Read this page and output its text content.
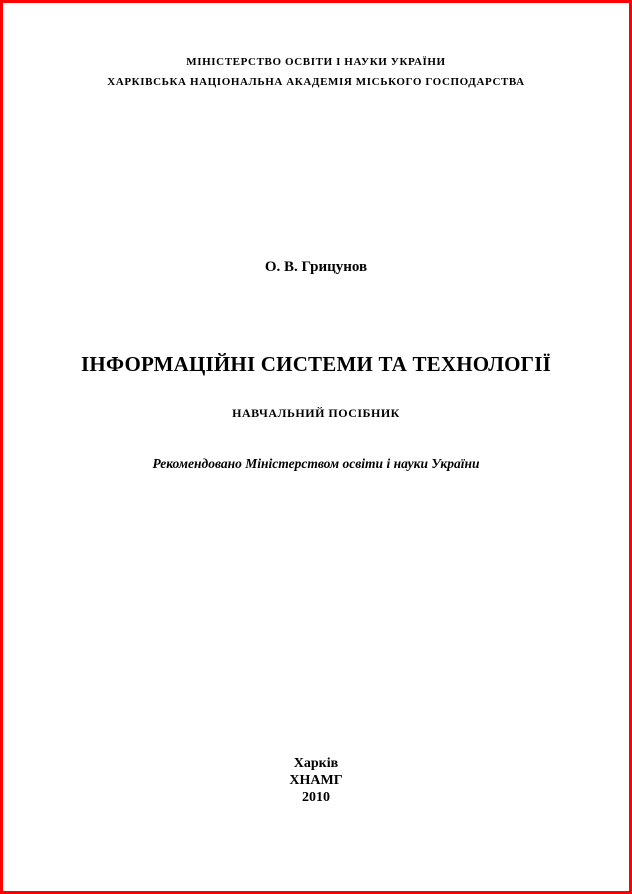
МІНІСТЕРСТВО ОСВІТИ І НАУКИ УКРАЇНИ
ХАРКІВСЬКА НАЦІОНАЛЬНА АКАДЕМІЯ МІСЬКОГО ГОСПОДАРСТВА
О. В. Грицунов
ІНФОРМАЦІЙНІ СИСТЕМИ ТА ТЕХНОЛОГІЇ
НАВЧАЛЬНИЙ ПОСІБНИК
Рекомендовано Міністерством освіти і науки України
Харків
ХНАМГ
2010
